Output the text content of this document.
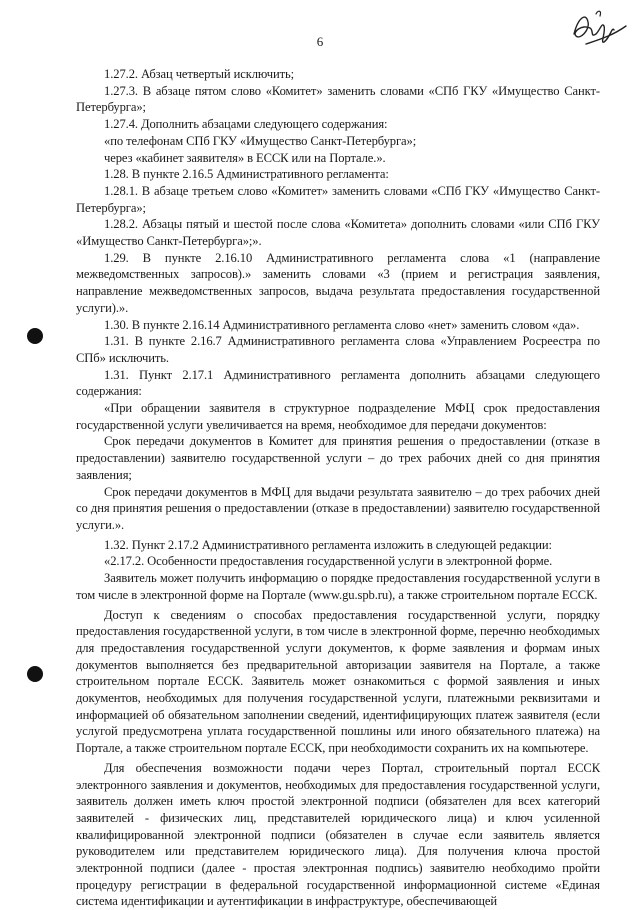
6

1.27.2. Абзац четвертый исключить;

1.27.3. В абзаце пятом слово «Комитет» заменить словами «СПб ГКУ «Имущество Санкт-Петербурга»;

1.27.4. Дополнить абзацами следующего содержания:

«по телефонам СПб ГКУ «Имущество Санкт-Петербурга»;

через «кабинет заявителя» в ЕССК или на Портале.».

1.28. В пункте 2.16.5 Административного регламента:

1.28.1. В абзаце третьем слово «Комитет» заменить словами «СПб ГКУ «Имущество Санкт-Петербурга»;

1.28.2. Абзацы пятый и шестой после слова «Комитета» дополнить словами «или СПб ГКУ «Имущество Санкт-Петербурга»;».

1.29. В пункте 2.16.10 Административного регламента слова «1 (направление межведомственных запросов).» заменить словами «3 (прием и регистрация заявления, направление межведомственных запросов, выдача результата предоставления государственной услуги).».

1.30. В пункте 2.16.14 Административного регламента слово «нет» заменить словом «да».

1.31. В пункте 2.16.7 Административного регламента слова «Управлением Росреестра по СПб» исключить.

1.31. Пункт 2.17.1 Административного регламента дополнить абзацами следующего содержания:

«При обращении заявителя в структурное подразделение МФЦ срок предоставления государственной услуги увеличивается на время, необходимое для передачи документов:

Срок передачи документов в Комитет для принятия решения о предоставлении (отказе в предоставлении) заявителю государственной услуги – до трех рабочих дней со дня принятия заявления;

Срок передачи документов в МФЦ для выдачи результата заявителю – до трех рабочих дней со дня принятия решения о предоставлении (отказе в предоставлении) заявителю государственной услуги.».

1.32. Пункт 2.17.2 Административного регламента изложить в следующей редакции:

«2.17.2. Особенности предоставления государственной услуги в электронной форме.

Заявитель может получить информацию о порядке предоставления государственной услуги в том числе в электронной форме на Портале (www.gu.spb.ru), а также строительном портале ЕССК.

Доступ к сведениям о способах предоставления государственной услуги, порядку предоставления государственной услуги, в том числе в электронной форме, перечню необходимых для предоставления государственной услуги документов, к форме заявления и формам иных документов выполняется без предварительной авторизации заявителя на Портале, а также строительном портале ЕССК. Заявитель может ознакомиться с формой заявления и иных документов, необходимых для получения государственной услуги, платежными реквизитами и информацией об обязательном заполнении сведений, идентифицирующих платеж заявителя (если услугой предусмотрена уплата государственной пошлины или иного обязательного платежа) на Портале, а также строительном портале ЕССК, при необходимости сохранить их на компьютере.

Для обеспечения возможности подачи через Портал, строительный портал ЕССК электронного заявления и документов, необходимых для предоставления государственной услуги, заявитель должен иметь ключ простой электронной подписи (обязателен для всех категорий заявителей - физических лиц, представителей юридического лица) и ключ усиленной квалифицированной электронной подписи (обязателен в случае если заявитель является руководителем или представителем юридического лица). Для получения ключа простой электронной подписи (далее - простая электронная подпись) заявителю необходимо пройти процедуру регистрации в федеральной государственной информационной системе «Единая система идентификации и аутентификации в инфраструктуре, обеспечивающей
